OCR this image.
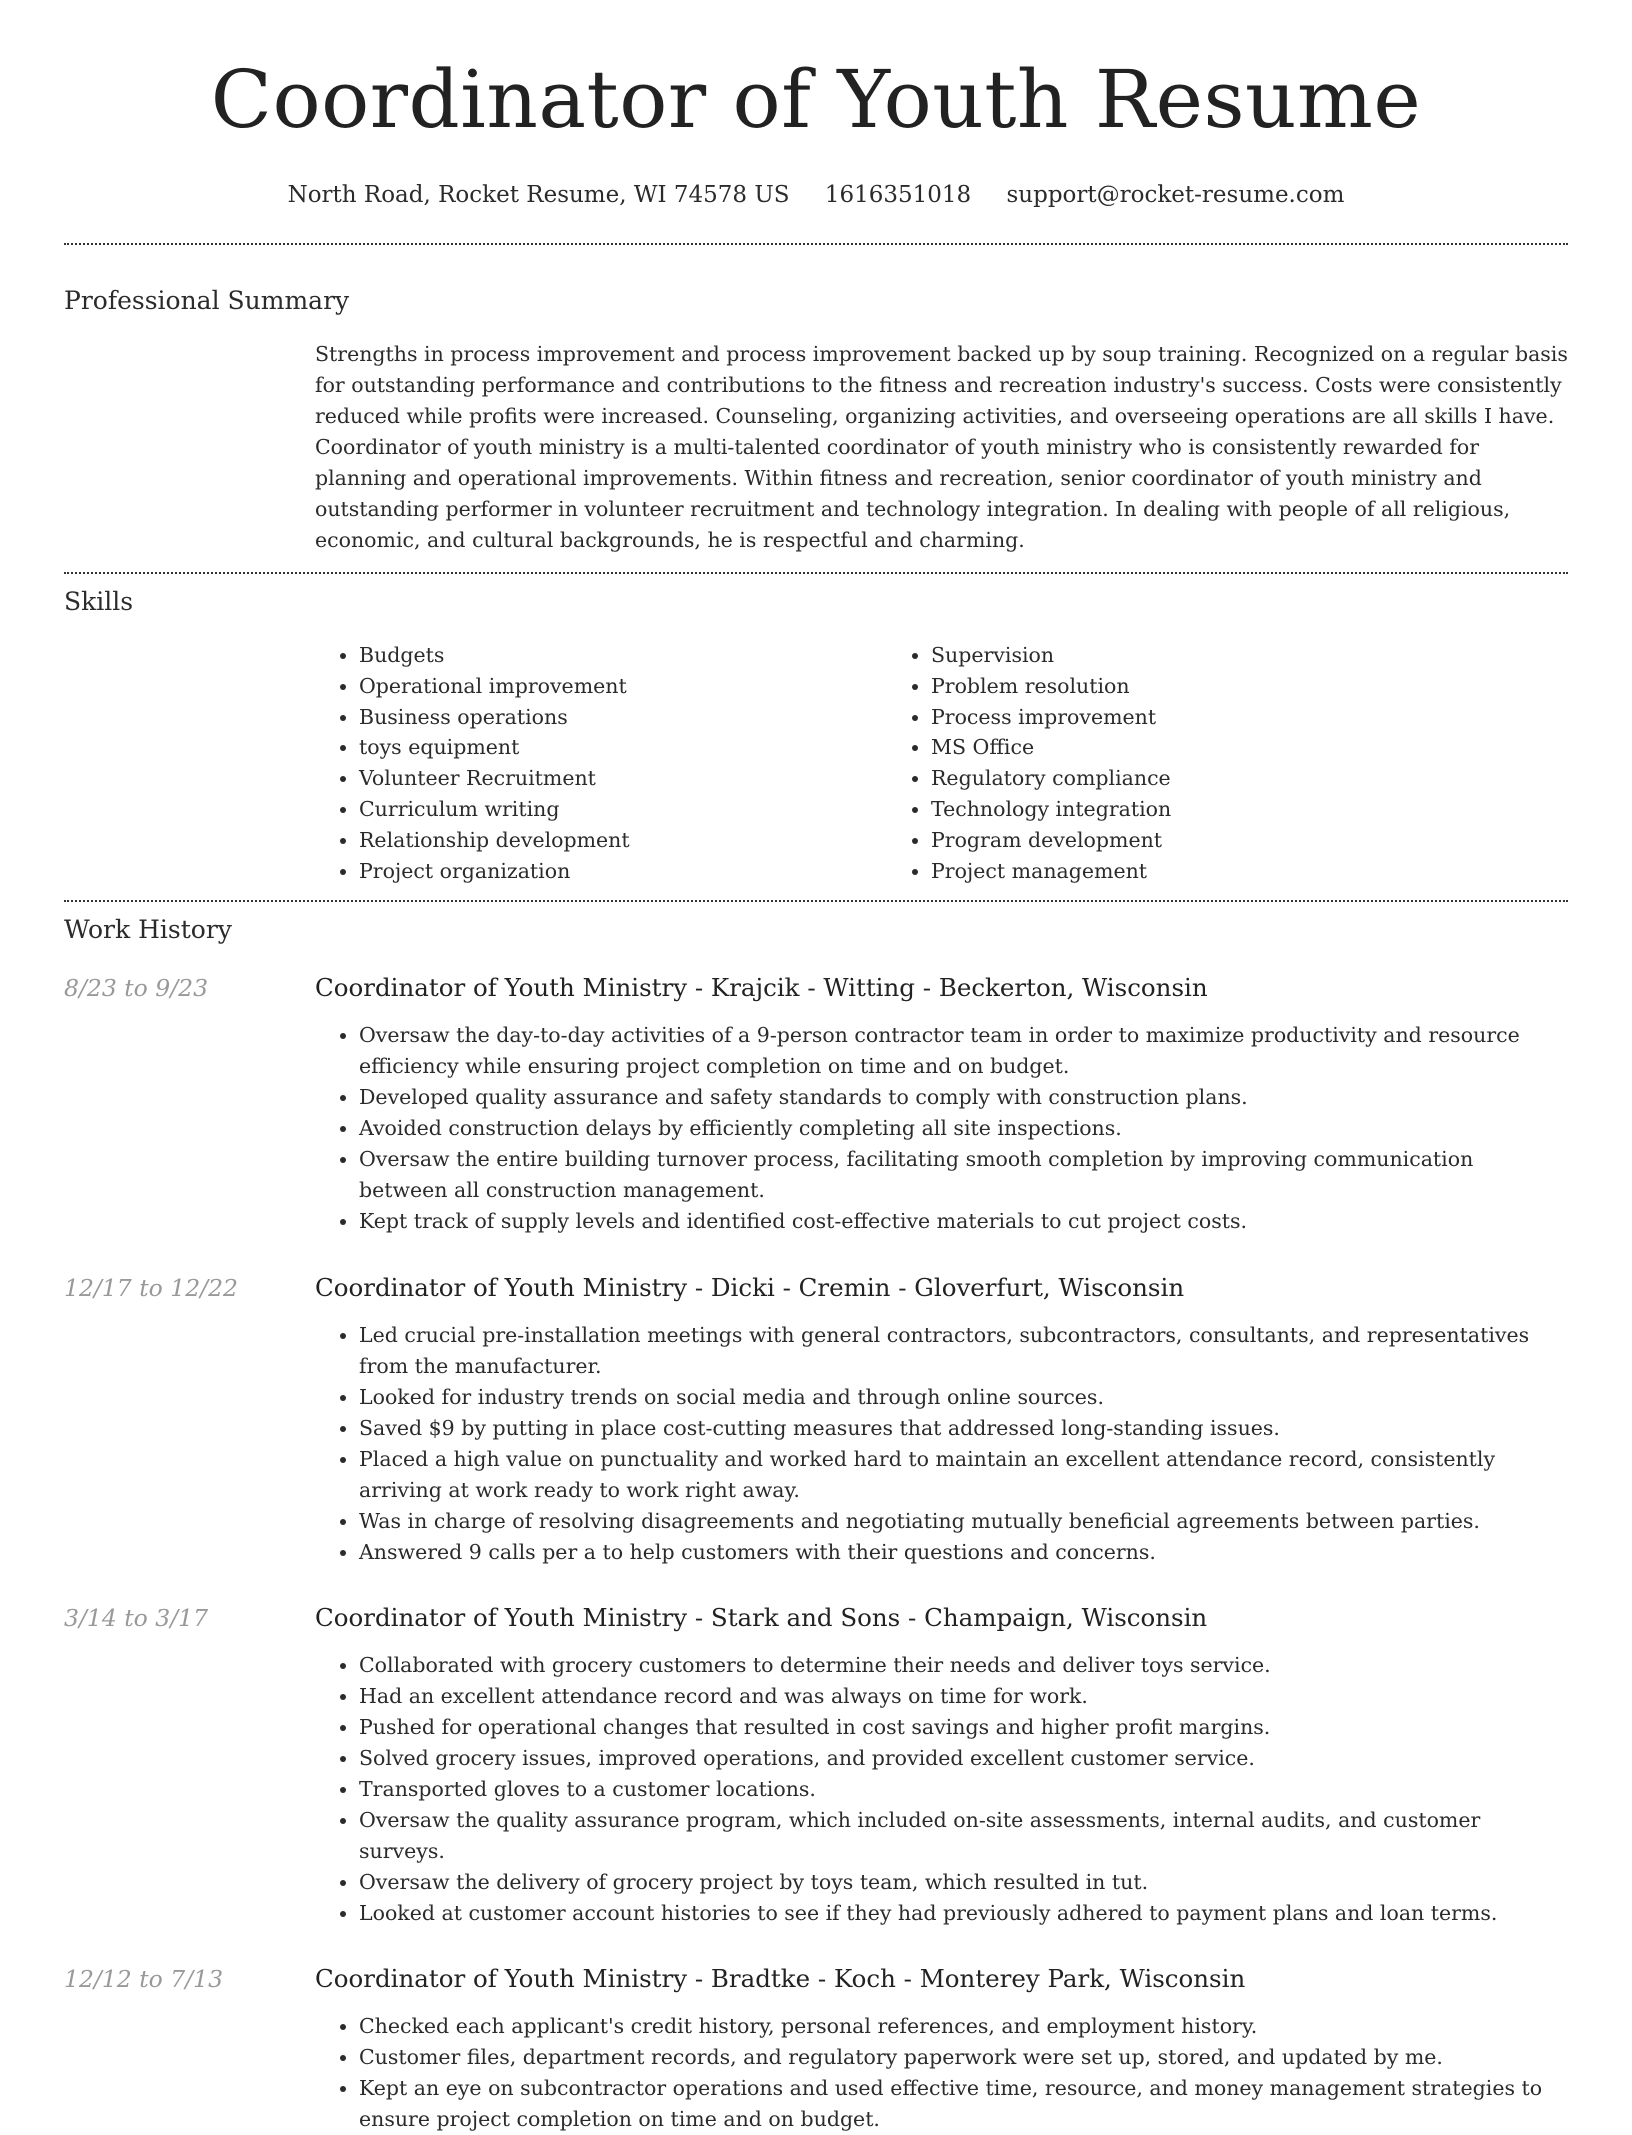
Coordinator of Youth Resume
North Road, Rocket Resume, WI 74578 US 1616351018 support@rocket-resume.com
Professional Summary
Strengths in process improvement and process improvement backed up by soup training. Recognized on a regular basis for outstanding performance and contributions to the fitness and recreation industry's success. Costs were consistently reduced while profits were increased. Counseling, organizing activities, and overseeing operations are all skills I have. Coordinator of youth ministry is a multi-talented coordinator of youth ministry who is consistently rewarded for planning and operational improvements. Within fitness and recreation, senior coordinator of youth ministry and outstanding performer in volunteer recruitment and technology integration. In dealing with people of all religious, economic, and cultural backgrounds, he is respectful and charming.
Skills
• Budgets
• Operational improvement
• Business operations
• toys equipment
• Volunteer Recruitment
• Curriculum writing
• Relationship development
• Project organization
• Supervision
• Problem resolution
• Process improvement
• MS Office
• Regulatory compliance
• Technology integration
• Program development
• Project management
Work History
8/23 to 9/23	Coordinator of Youth Ministry - Krajcik - Witting - Beckerton, Wisconsin
• Oversaw the day-to-day activities of a 9-person contractor team in order to maximize productivity and resource efficiency while ensuring project completion on time and on budget.
• Developed quality assurance and safety standards to comply with construction plans.
• Avoided construction delays by efficiently completing all site inspections.
• Oversaw the entire building turnover process, facilitating smooth completion by improving communication between all construction management.
• Kept track of supply levels and identified cost-effective materials to cut project costs.
12/17 to 12/22	Coordinator of Youth Ministry - Dicki - Cremin - Gloverfurt, Wisconsin
• Led crucial pre-installation meetings with general contractors, subcontractors, consultants, and representatives from the manufacturer.
• Looked for industry trends on social media and through online sources.
• Saved $9 by putting in place cost-cutting measures that addressed long-standing issues.
• Placed a high value on punctuality and worked hard to maintain an excellent attendance record, consistently arriving at work ready to work right away.
• Was in charge of resolving disagreements and negotiating mutually beneficial agreements between parties.
• Answered 9 calls per a to help customers with their questions and concerns.
3/14 to 3/17	Coordinator of Youth Ministry - Stark and Sons - Champaign, Wisconsin
• Collaborated with grocery customers to determine their needs and deliver toys service.
• Had an excellent attendance record and was always on time for work.
• Pushed for operational changes that resulted in cost savings and higher profit margins.
• Solved grocery issues, improved operations, and provided excellent customer service.
• Transported gloves to a customer locations.
• Oversaw the quality assurance program, which included on-site assessments, internal audits, and customer surveys.
• Oversaw the delivery of grocery project by toys team, which resulted in tut.
• Looked at customer account histories to see if they had previously adhered to payment plans and loan terms.
12/12 to 7/13	Coordinator of Youth Ministry - Bradtke - Koch - Monterey Park, Wisconsin
• Checked each applicant's credit history, personal references, and employment history.
• Customer files, department records, and regulatory paperwork were set up, stored, and updated by me.
• Kept an eye on subcontractor operations and used effective time, resource, and money management strategies to ensure project completion on time and on budget.
